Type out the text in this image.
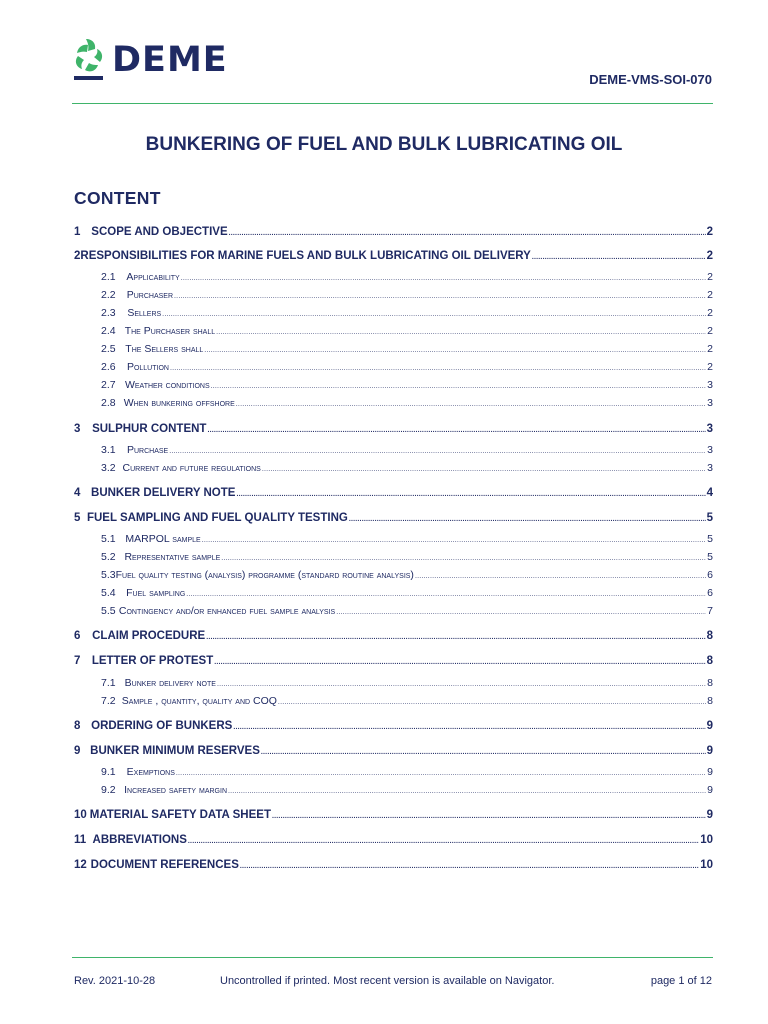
DEME	DEME-VMS-SOI-070
BUNKERING OF FUEL AND BULK LUBRICATING OIL
CONTENT
1 SCOPE AND OBJECTIVE .....	2
2 RESPONSIBILITIES FOR MARINE FUELS AND BULK LUBRICATING OIL DELIVERY .....	2
2.1	Applicability .....	2
2.2	Purchaser .....	2
2.3	Sellers .....	2
2.4 The Purchaser shall .....	2
2.5 The Sellers shall .....	2
2.6	Pollution .....	2
2.7 Weather conditions .....	3
2.8 When bunkering offshore .....	3
3	SULPHUR CONTENT .....	3
3.1	Purchase .....	3
3.2 Current and future regulations .....	3
4 BUNKER DELIVERY NOTE .....	4
5 FUEL SAMPLING AND FUEL QUALITY TESTING .....	5
5.1 MARPOL sample .....	5
5.2 Representative sample .....	5
5.3 Fuel quality testing (analysis) programme (standard routine analysis) .....	6
5.4	Fuel sampling .....	6
5.5 Contingency and/or enhanced fuel sample analysis .....	7
6	CLAIM PROCEDURE .....	8
7 LETTER OF PROTEST .....	8
7.1 Bunker delivery note .....	8
7.2 Sample , quantity, quality and COQ .....	8
8 ORDERING OF BUNKERS .....	9
9 BUNKER MINIMUM RESERVES .....	9
9.1	Exemptions .....	9
9.2 Increased safety margin .....	9
10 MATERIAL SAFETY DATA SHEET .....	9
11 ABBREVIATIONS .....	10
12 DOCUMENT REFERENCES .....	10
Rev. 2021-10-28	Uncontrolled if printed. Most recent version is available on Navigator.	page 1 of 12
